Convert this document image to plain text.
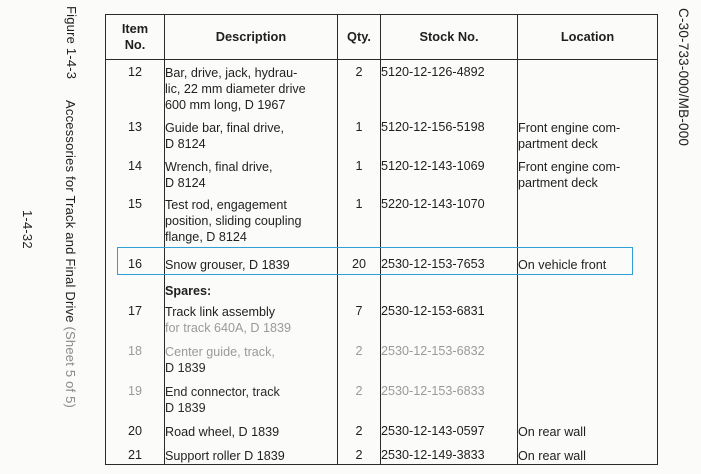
Figure 1-4-3
Accessories for Track and Final Drive (Sheet 5 of 5)
1-4-32
C-30-733-000/MB-000
Item
No.	Description	Qty.	Stock No.	Location

12	Bar, drive, jack, hydrau-
lic, 22 mm diameter drive
600 mm long, D 1967	2	5120-12-126-4892	

13	Guide bar, final drive,
D 8124	1	5120-12-156-5198	Front engine com-
partment deck

14	Wrench, final drive,
D 8124	1	5120-12-143-1069	Front engine com-
partment deck

15	Test rod, engagement
position, sliding coupling
flange, D 8124	1	5220-12-143-1070	

16	Snow grouser, D 1839	20	2530-12-153-7653	On vehicle front

	Spares:			

17	Track link assembly
for track 640A, D 1839	7	2530-12-153-6831	

18	Center guide, track,
D 1839	2	2530-12-153-6832	

19	End connector, track
D 1839	2	2530-12-153-6833	

20	Road wheel, D 1839	2	2530-12-143-0597	On rear wall

21	Support roller D 1839	2	2530-12-149-3833	On rear wall
